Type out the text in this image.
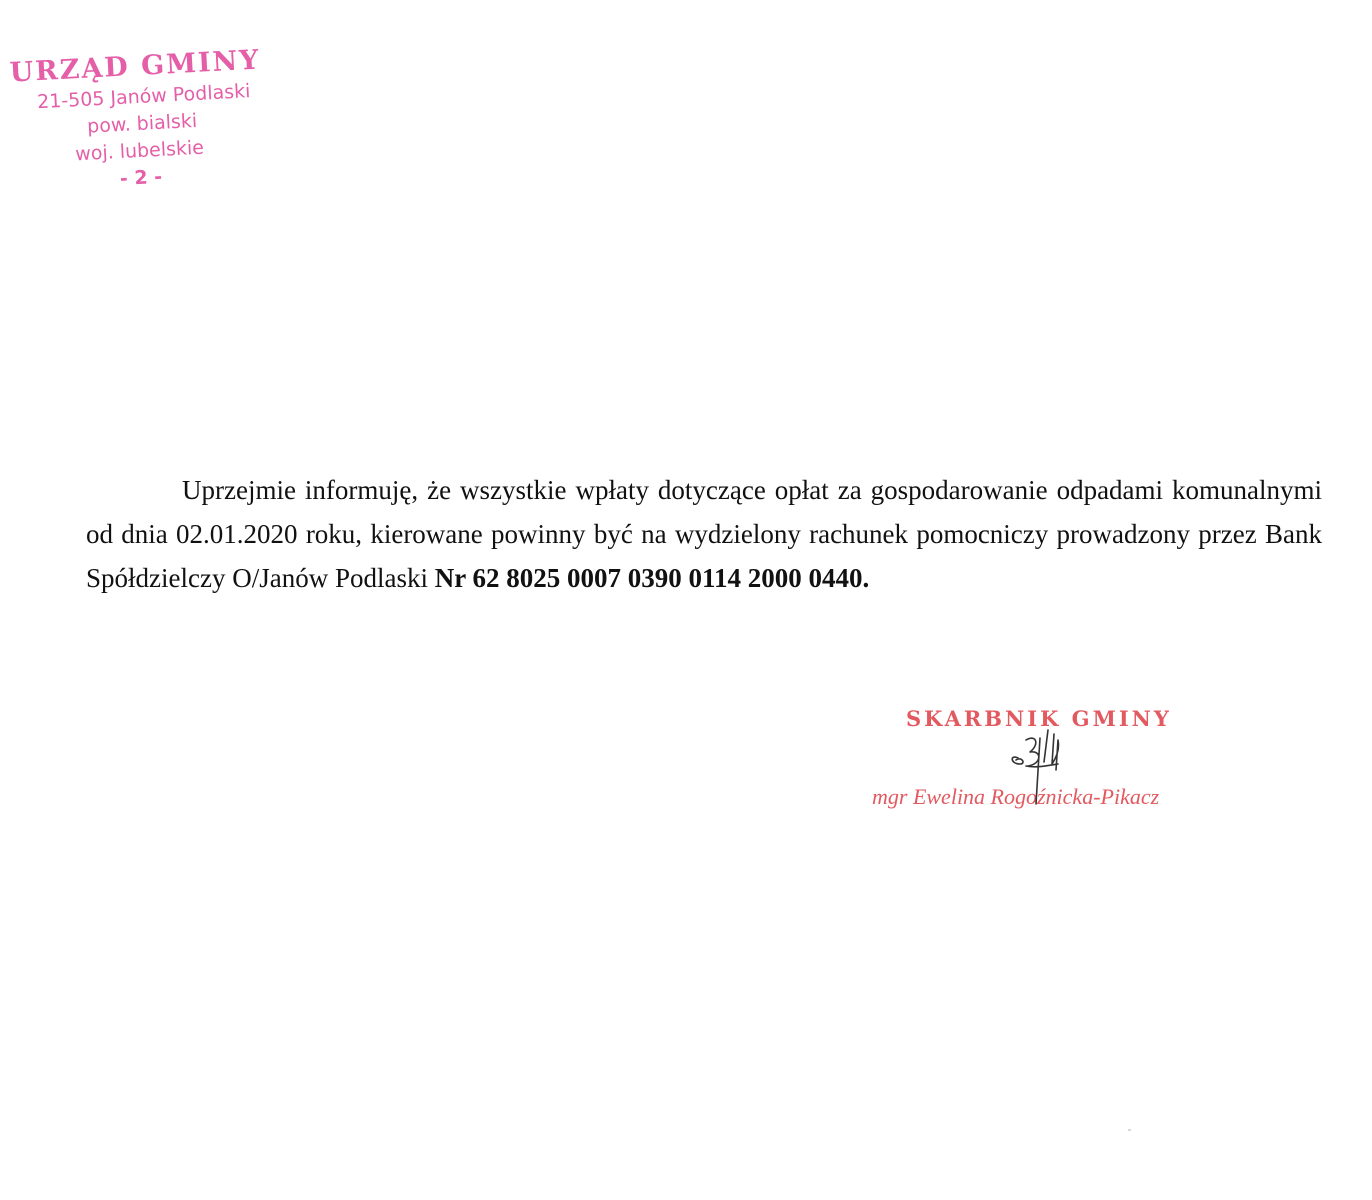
URZĄD GMINY
21-505 Janów Podlaski
pow. bialski
woj. lubelskie
- 2 -

Uprzejmie informuję, że wszystkie wpłaty dotyczące opłat za gospodarowanie odpadami komunalnymi od dnia 02.01.2020 roku, kierowane powinny być na wydzielony rachunek pomocniczy prowadzony przez Bank Spółdzielczy O/Janów Podlaski Nr 62 8025 0007 0390 0114 2000 0440.

SKARBNIK GMINY
mgr Ewelina Rogoźnicka-Pikacz
